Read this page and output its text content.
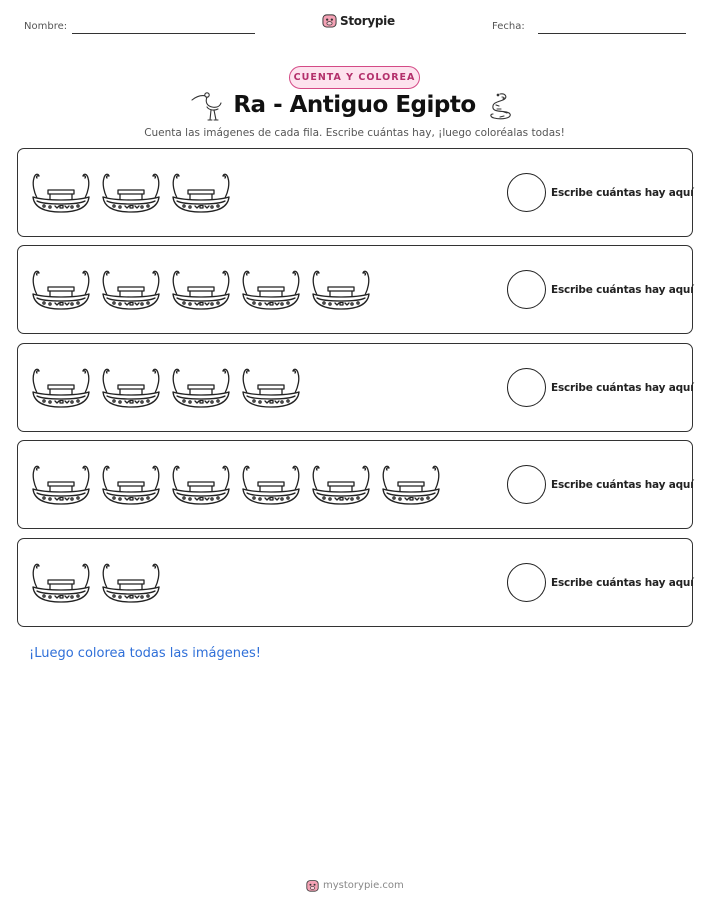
Nombre:	Storypie	Fecha:
CUENTA Y COLOREA
Ra - Antiguo Egipto
Cuenta las imágenes de cada fila. Escribe cuántas hay, ¡luego coloréalas todas!
Escribe cuántas hay aquí
Escribe cuántas hay aquí
Escribe cuántas hay aquí
Escribe cuántas hay aquí
Escribe cuántas hay aquí
¡Luego colorea todas las imágenes!
mystorypie.com
